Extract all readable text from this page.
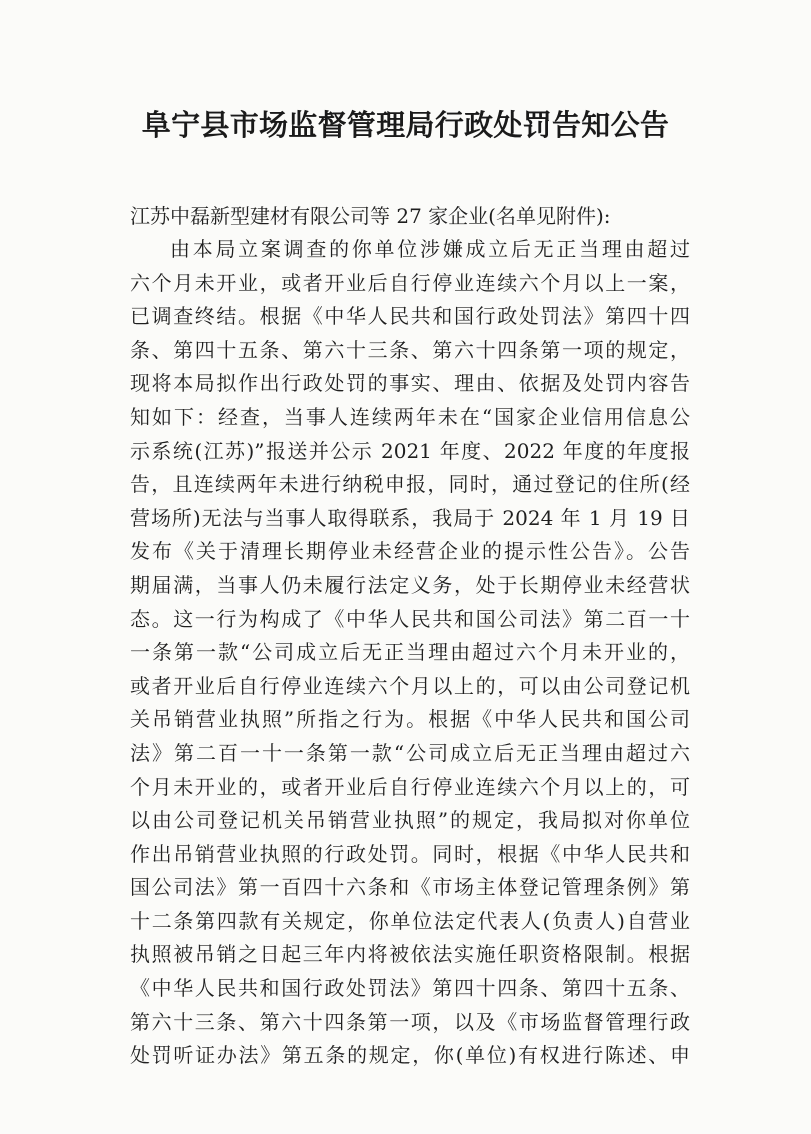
阜宁县市场监督管理局行政处罚告知公告
江苏中磊新型建材有限公司等 27 家企业(名单见附件):
由本局立案调查的你单位涉嫌成立后无正当理由超过
六个月未开业，或者开业后自行停业连续六个月以上一案，
已调查终结。根据《中华人民共和国行政处罚法》第四十四
条、第四十五条、第六十三条、第六十四条第一项的规定，
现将本局拟作出行政处罚的事实、理由、依据及处罚内容告
知如下：经查，当事人连续两年未在“国家企业信用信息公
示系统(江苏)”报送并公示 2021 年度、2022 年度的年度报
告，且连续两年未进行纳税申报，同时，通过登记的住所(经
营场所)无法与当事人取得联系，我局于 2024 年 1 月 19 日
发布《关于清理长期停业未经营企业的提示性公告》。公告
期届满，当事人仍未履行法定义务，处于长期停业未经营状
态。这一行为构成了《中华人民共和国公司法》第二百一十
一条第一款“公司成立后无正当理由超过六个月未开业的，
或者开业后自行停业连续六个月以上的，可以由公司登记机
关吊销营业执照”所指之行为。根据《中华人民共和国公司
法》第二百一十一条第一款“公司成立后无正当理由超过六
个月未开业的，或者开业后自行停业连续六个月以上的，可
以由公司登记机关吊销营业执照”的规定，我局拟对你单位
作出吊销营业执照的行政处罚。同时，根据《中华人民共和
国公司法》第一百四十六条和《市场主体登记管理条例》第
十二条第四款有关规定，你单位法定代表人(负责人)自营业
执照被吊销之日起三年内将被依法实施任职资格限制。根据
《中华人民共和国行政处罚法》第四十四条、第四十五条、
第六十三条、第六十四条第一项，以及《市场监督管理行政
处罚听证办法》第五条的规定，你(单位)有权进行陈述、申
